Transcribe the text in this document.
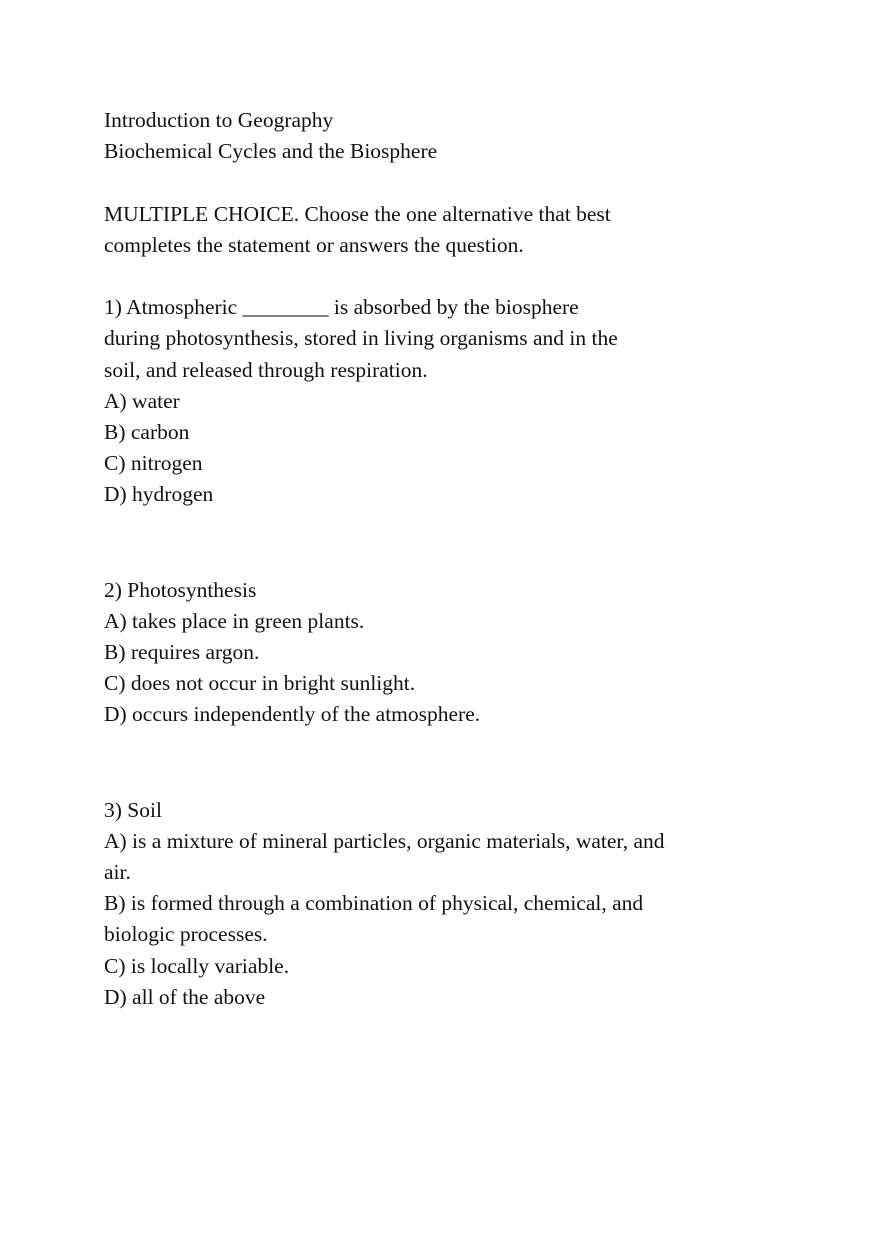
Introduction to Geography
Biochemical Cycles and the Biosphere
MULTIPLE CHOICE. Choose the one alternative that best
completes the statement or answers the question.
1) Atmospheric ________ is absorbed by the biosphere
during photosynthesis, stored in living organisms and in the
soil, and released through respiration.
A) water
B) carbon
C) nitrogen
D) hydrogen
2) Photosynthesis
A) takes place in green plants.
B) requires argon.
C) does not occur in bright sunlight.
D) occurs independently of the atmosphere.
3) Soil
A) is a mixture of mineral particles, organic materials, water, and
air.
B) is formed through a combination of physical, chemical, and
biologic processes.
C) is locally variable.
D) all of the above
